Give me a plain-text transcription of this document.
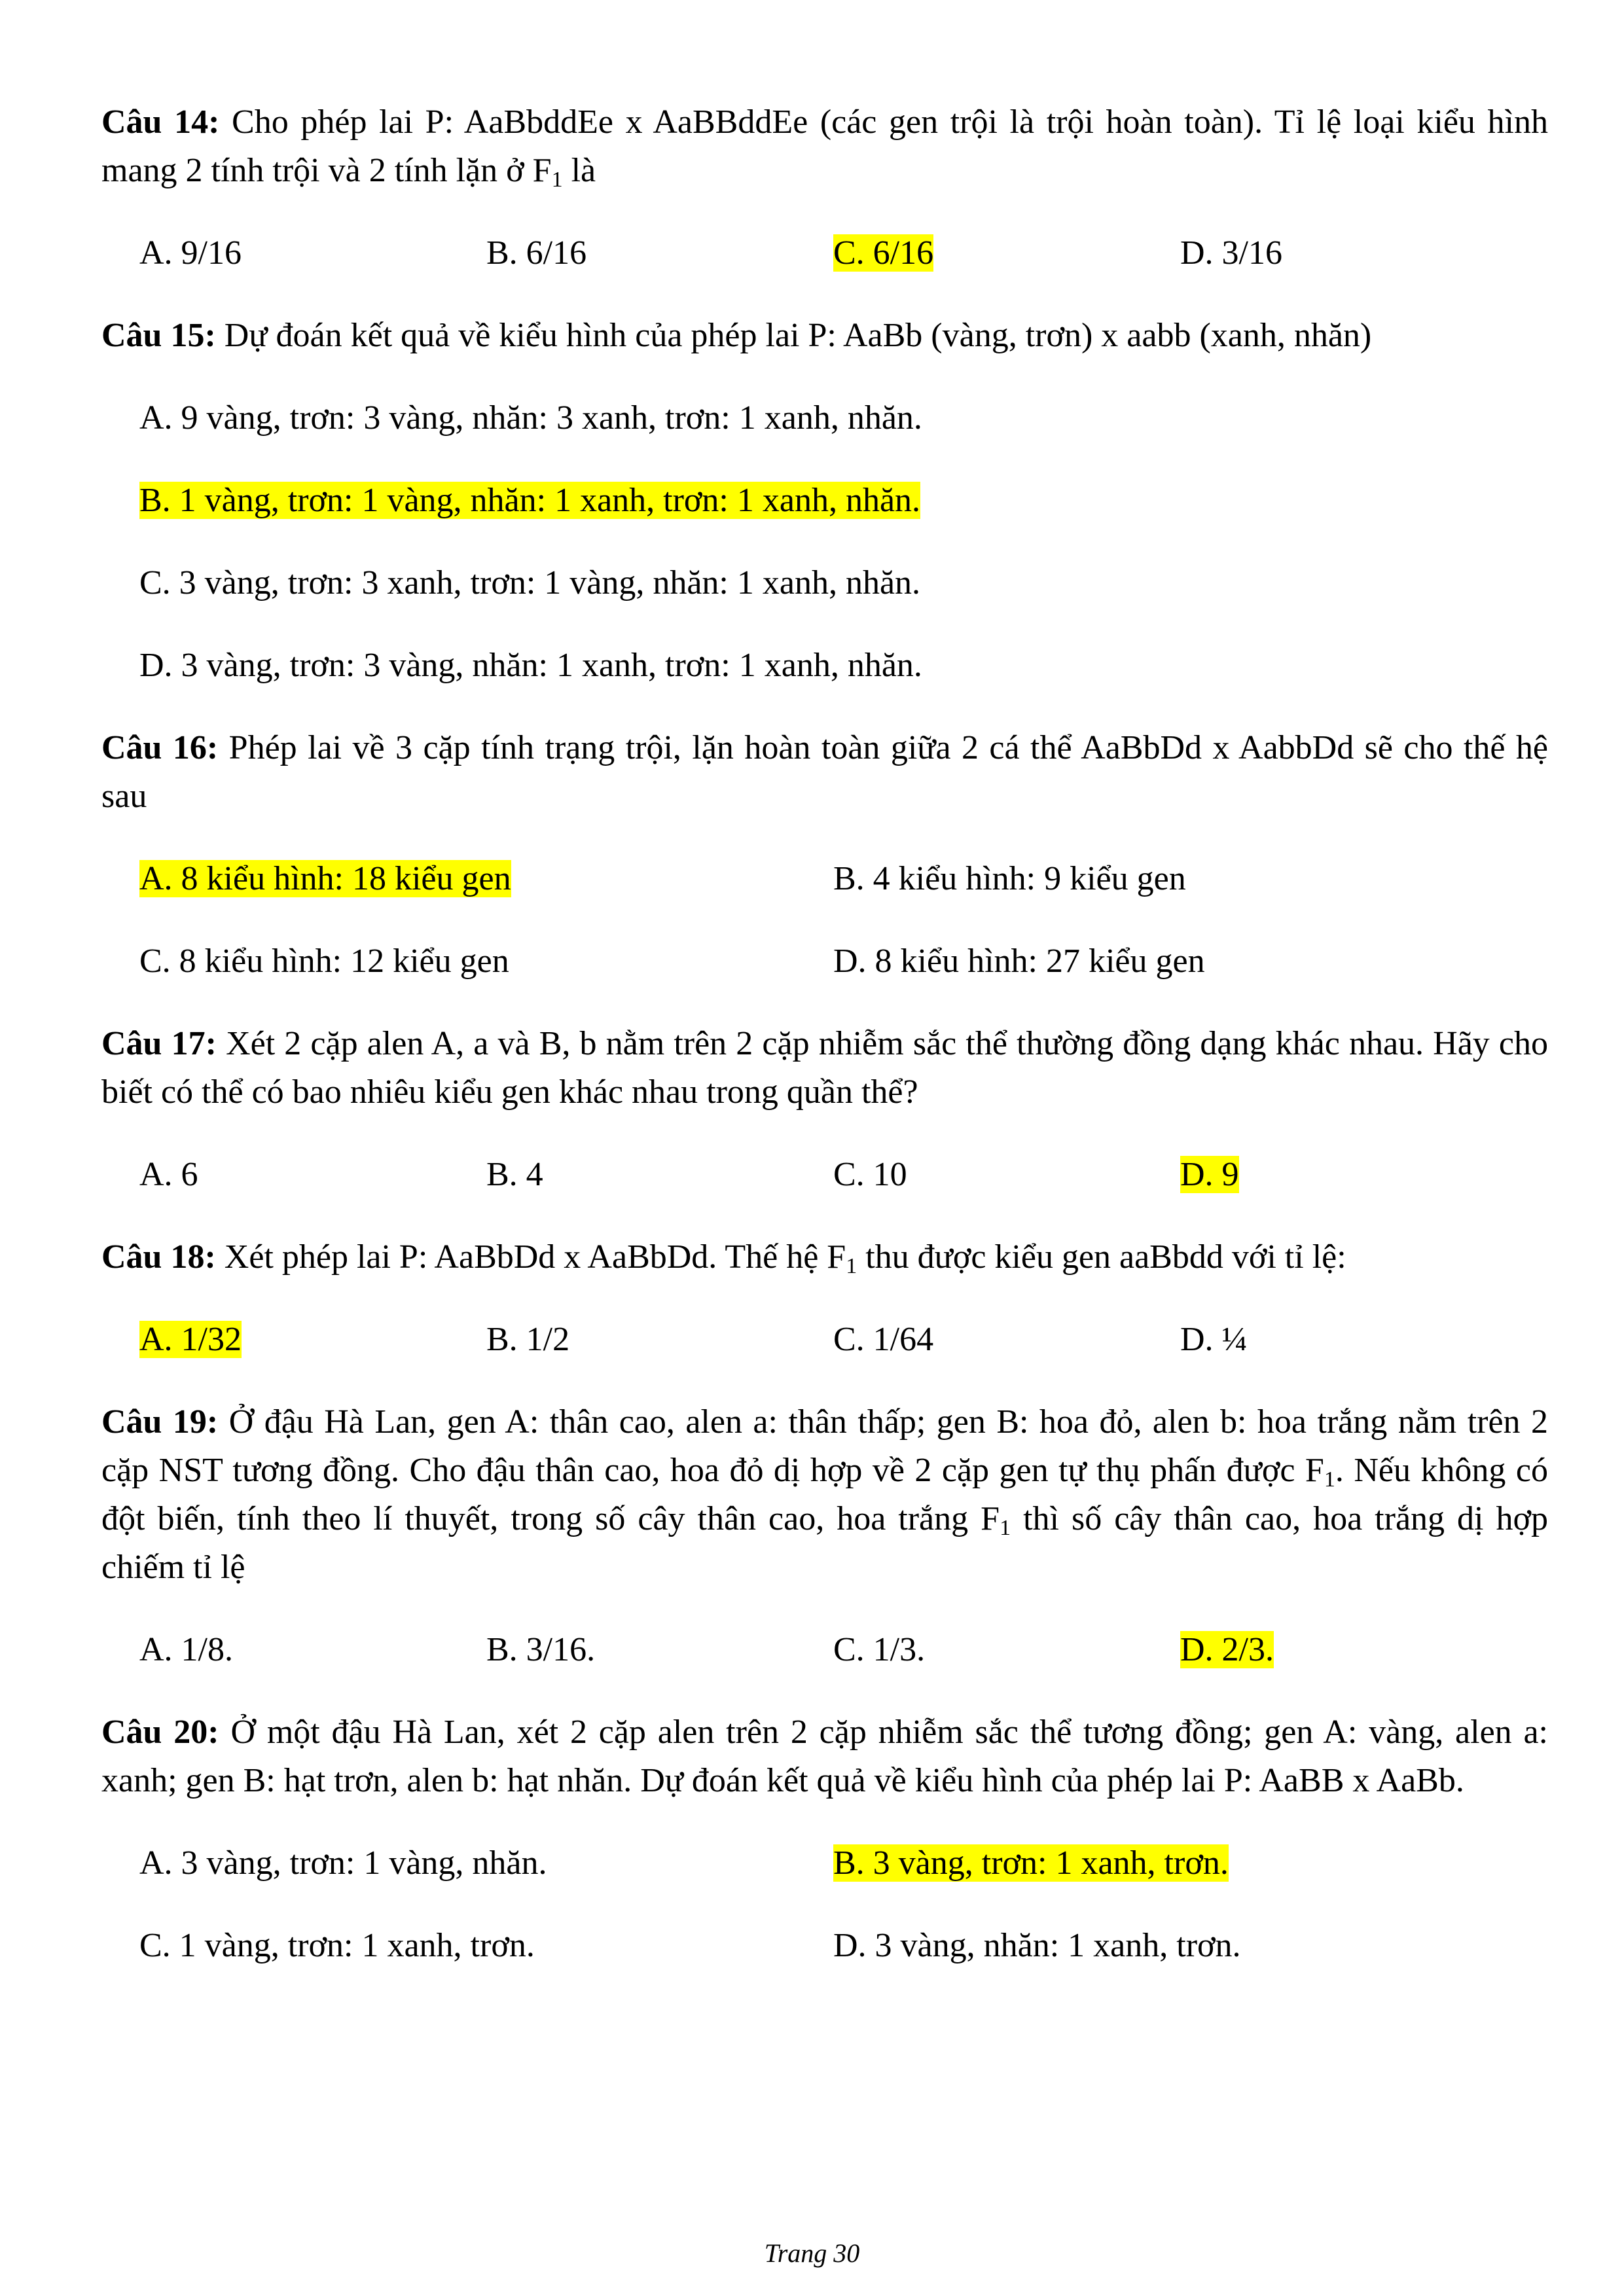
Câu 14: Cho phép lai P: AaBbddEe x AaBBddEe (các gen trội là trội hoàn toàn). Tỉ lệ loại kiểu hình mang 2 tính trội và 2 tính lặn ở $F_1$ là

A. 9/16	B. 6/16	C. 6/16	D. 3/16

Câu 15: Dự đoán kết quả về kiểu hình của phép lai P: AaBb (vàng, trơn) x aabb (xanh, nhăn)

A. 9 vàng, trơn: 3 vàng, nhăn: 3 xanh, trơn: 1 xanh, nhăn.
B. 1 vàng, trơn: 1 vàng, nhăn: 1 xanh, trơn: 1 xanh, nhăn.
C. 3 vàng, trơn: 3 xanh, trơn: 1 vàng, nhăn: 1 xanh, nhăn.
D. 3 vàng, trơn: 3 vàng, nhăn: 1 xanh, trơn: 1 xanh, nhăn.

Câu 16: Phép lai về 3 cặp tính trạng trội, lặn hoàn toàn giữa 2 cá thể AaBbDd x AabbDd sẽ cho thế hệ sau

A. 8 kiểu hình: 18 kiểu gen	B. 4 kiểu hình: 9 kiểu gen
C. 8 kiểu hình: 12 kiểu gen	D. 8 kiểu hình: 27 kiểu gen

Câu 17: Xét 2 cặp alen A, a và B, b nằm trên 2 cặp nhiễm sắc thể thường đồng dạng khác nhau. Hãy cho biết có thể có bao nhiêu kiểu gen khác nhau trong quần thể?

A. 6	B. 4	C. 10	D. 9

Câu 18: Xét phép lai P: AaBbDd x AaBbDd. Thế hệ $F_1$ thu được kiểu gen aaBbdd với tỉ lệ:

A. 1/32	B. 1/2	C. 1/64	D. ¼

Câu 19: Ở đậu Hà Lan, gen A: thân cao, alen a: thân thấp; gen B: hoa đỏ, alen b: hoa trắng nằm trên 2 cặp NST tương đồng. Cho đậu thân cao, hoa đỏ dị hợp về 2 cặp gen tự thụ phấn được $F_1$. Nếu không có đột biến, tính theo lí thuyết, trong số cây thân cao, hoa trắng $F_1$ thì số cây thân cao, hoa trắng dị hợp chiếm tỉ lệ

A. 1/8.	B. 3/16.	C. 1/3.	D. 2/3.

Câu 20: Ở một đậu Hà Lan, xét 2 cặp alen trên 2 cặp nhiễm sắc thể tương đồng; gen A: vàng, alen a: xanh; gen B: hạt trơn, alen b: hạt nhăn. Dự đoán kết quả về kiểu hình của phép lai P: AaBB x AaBb.

A. 3 vàng, trơn: 1 vàng, nhăn.	B. 3 vàng, trơn: 1 xanh, trơn.
C. 1 vàng, trơn: 1 xanh, trơn.	D. 3 vàng, nhăn: 1 xanh, trơn.
Trang 30
